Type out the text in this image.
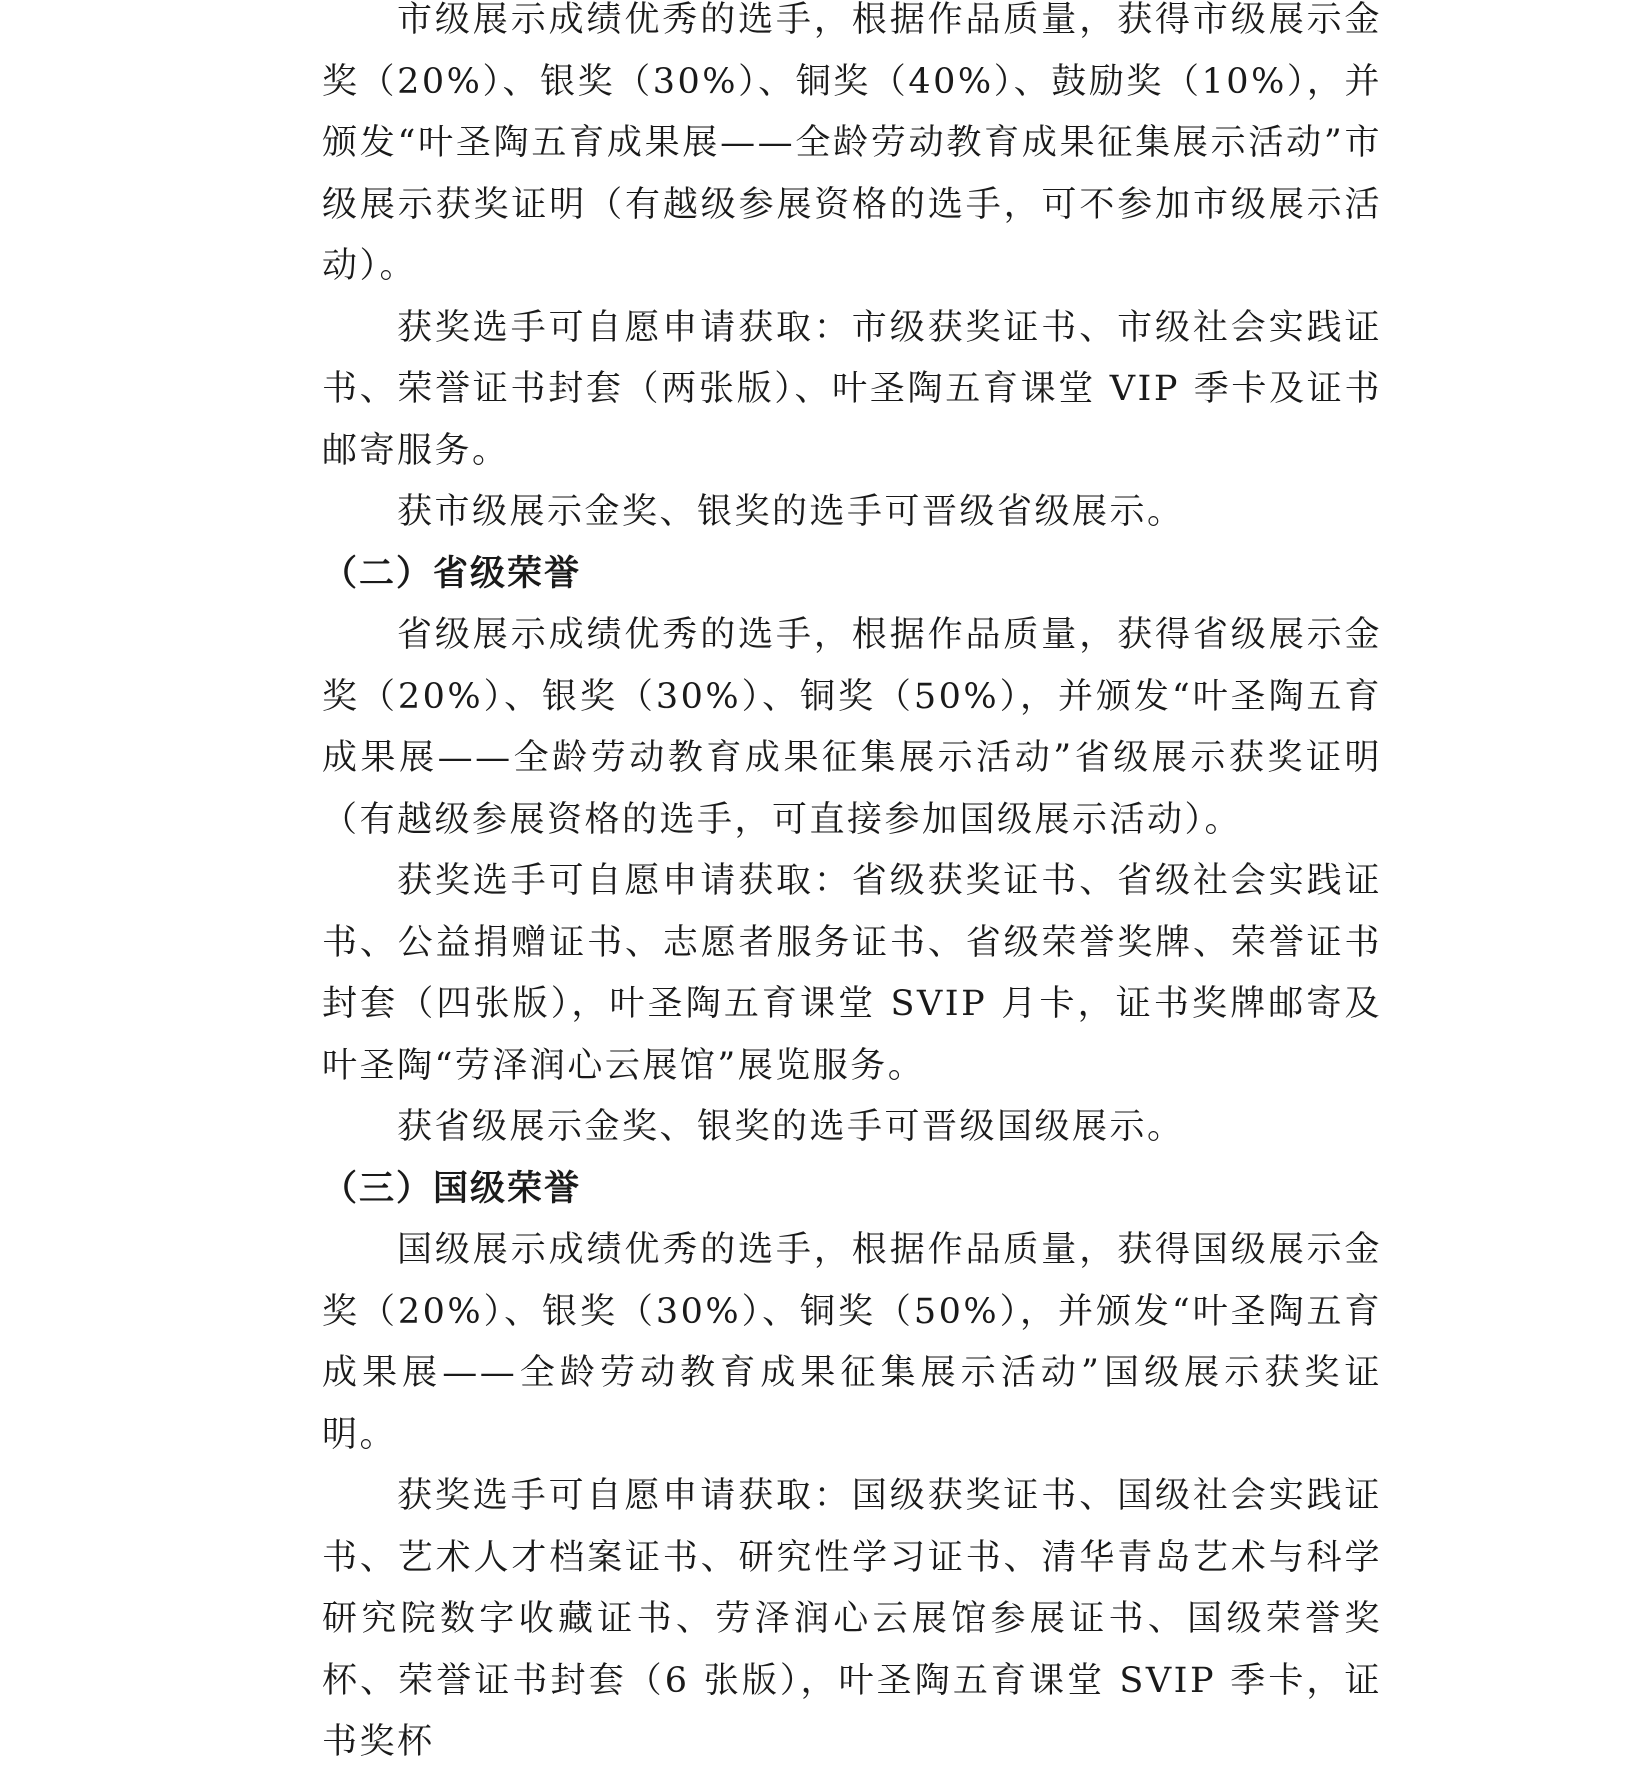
市级展示成绩优秀的选手，根据作品质量，获得市级展示金奖（20%）、银奖（30%）、铜奖（40%）、鼓励奖（10%），并颁发“叶圣陶五育成果展——全龄劳动教育成果征集展示活动”市级展示获奖证明（有越级参展资格的选手，可不参加市级展示活动）。

获奖选手可自愿申请获取：市级获奖证书、市级社会实践证书、荣誉证书封套（两张版）、叶圣陶五育课堂 VIP 季卡及证书邮寄服务。

获市级展示金奖、银奖的选手可晋级省级展示。

（二）省级荣誉

省级展示成绩优秀的选手，根据作品质量，获得省级展示金奖（20%）、银奖（30%）、铜奖（50%），并颁发“叶圣陶五育成果展——全龄劳动教育成果征集展示活动”省级展示获奖证明（有越级参展资格的选手，可直接参加国级展示活动）。

获奖选手可自愿申请获取：省级获奖证书、省级社会实践证书、公益捐赠证书、志愿者服务证书、省级荣誉奖牌、荣誉证书封套（四张版），叶圣陶五育课堂 SVIP 月卡，证书奖牌邮寄及叶圣陶“劳泽润心云展馆”展览服务。

获省级展示金奖、银奖的选手可晋级国级展示。

（三）国级荣誉

国级展示成绩优秀的选手，根据作品质量，获得国级展示金奖（20%）、银奖（30%）、铜奖（50%），并颁发“叶圣陶五育成果展——全龄劳动教育成果征集展示活动”国级展示获奖证明。

获奖选手可自愿申请获取：国级获奖证书、国级社会实践证书、艺术人才档案证书、研究性学习证书、清华青岛艺术与科学研究院数字收藏证书、劳泽润心云展馆参展证书、国级荣誉奖杯、荣誉证书封套（6 张版），叶圣陶五育课堂 SVIP 季卡，证书奖杯
